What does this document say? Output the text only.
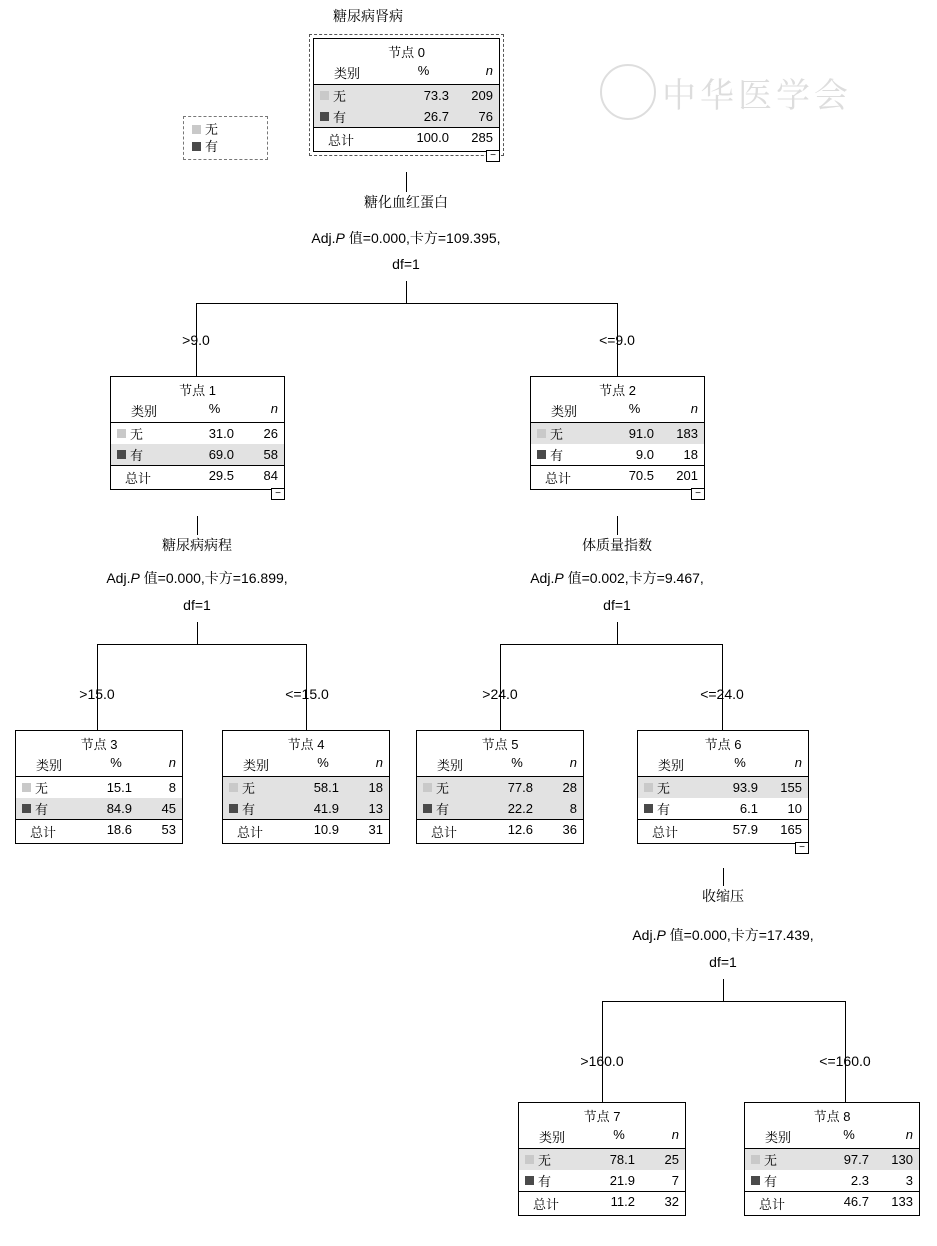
糖尿病肾病
中华医学会
无
有
节点 0
类别	%	n
无	73.3	209
有	26.7	76
总计	100.0	285
−
糖化血红蛋白
Adj.P 值=0.000,卡方=109.395,
df=1
>9.0	<=9.0
节点 1
类别	%	n
无	31.0	26
有	69.0	58
总计	29.5	84
−
糖尿病病程
Adj.P 值=0.000,卡方=16.899,
df=1
>15.0	<=15.0
节点 2
类别	%	n
无	91.0	183
有	9.0	18
总计	70.5	201
−
体质量指数
Adj.P 值=0.002,卡方=9.467,
df=1
>24.0	<=24.0
节点 3
类别	%	n
无	15.1	8
有	84.9	45
总计	18.6	53
节点 4
类别	%	n
无	58.1	18
有	41.9	13
总计	10.9	31
节点 5
类别	%	n
无	77.8	28
有	22.2	8
总计	12.6	36
节点 6
类别	%	n
无	93.9	155
有	6.1	10
总计	57.9	165
−
收缩压
Adj.P 值=0.000,卡方=17.439,
df=1
>160.0	<=160.0
节点 7
类别	%	n
无	78.1	25
有	21.9	7
总计	11.2	32
节点 8
类别	%	n
无	97.7	130
有	2.3	3
总计	46.7	133
